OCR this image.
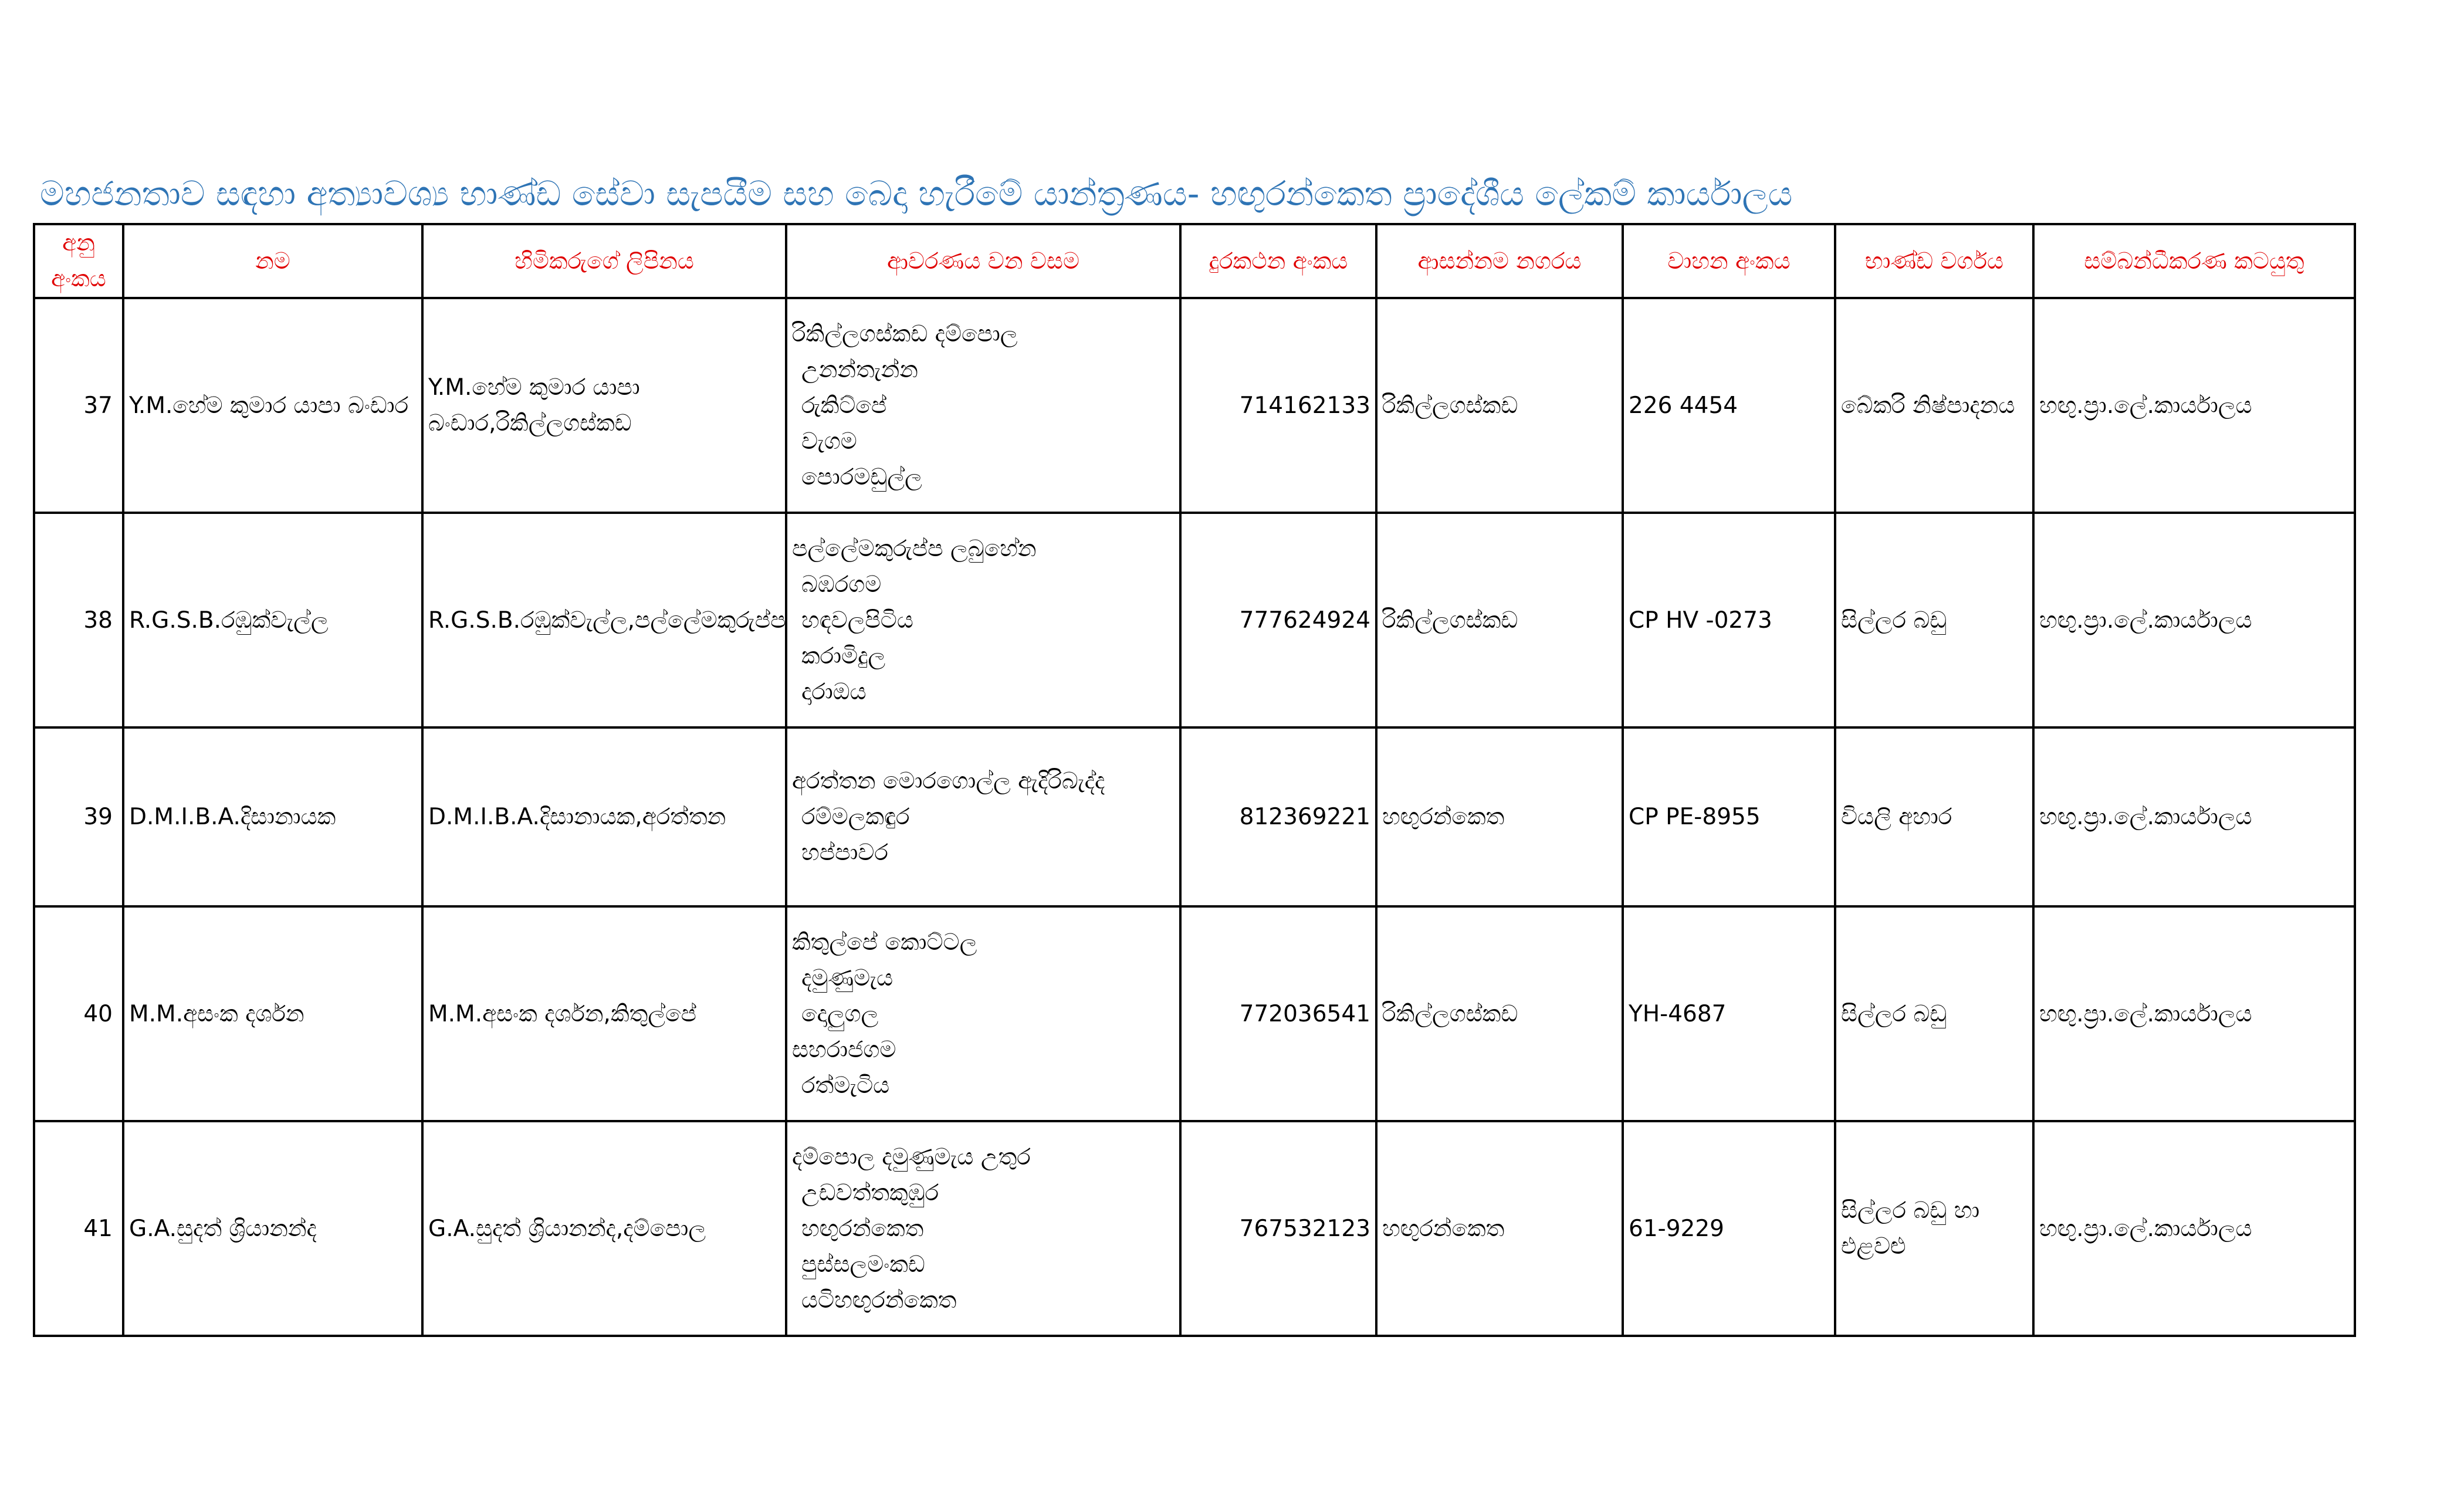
මහජනතාව සඳහා අත්‍යාවශ්‍ය භාණ්ඩ සේවා සැපයීම සහ බෙදා හැරීමේ යාන්ත්‍රණය- හඟුරන්කෙත ප්‍රාදේශීය ලේකම් කාර්යාලය
අනු අංකය	නම	හිමිකරුගේ ලිපිනය	ආවරණය වන වසම	දුරකථන අංකය	ආසන්නම නගරය	වාහන අංකය	භාණ්ඩ වර්ගය	සම්බන්ධීකරණ කටයුතු
37	Y.M.හේම කුමාර යාපා බංඩාර	Y.M.හේම කුමාර යාපා බංඩාර,රිකිල්ලගස්කඩ	රිකිල්ලගස්කඩ දම්පොල
උනන්තැන්න
රුකිට්පේ
වැගම
පොරමඩුල්ල	714162133	රිකිල්ලගස්කඩ	226 4454	බේකරි නිෂ්පාදනය	හඟු.ප්‍රා.ලේ.කාර්යාලය
38	R.G.S.B.රඹුක්වැල්ල	R.G.S.B.රඹුක්වැල්ල,පල්ලේමකුරුප්ප	පල්ලේමකුරුප්ප ලබුහේන
බඹරගම
හඳවලපිටිය
කරාමිදුල
දාරාඔය	777624924	රිකිල්ලගස්කඩ	CP HV -0273	සිල්ලර බඩු	හඟු.ප්‍රා.ලේ.කාර්යාලය
39	D.M.I.B.A.දිසානායක	D.M.I.B.A.දිසානායක,අරත්තන	අරත්තන මොරගොල්ල ඇදිරිබැද්ද
රම්මලකඳුර
හප්පාවර	812369221	හඟුරන්කෙත	CP PE-8955	වියලි අහාර	හඟු.ප්‍රා.ලේ.කාර්යාලය
40	M.M.අසංක දර්ශන	M.M.අසංක දර්ශන,කිතුල්පේ	කිතුල්පේ කොට්ටල
දමුණුමැය
දොලුගල
සහරාජගම
රත්මැටිය	772036541	රිකිල්ලගස්කඩ	YH-4687	සිල්ලර බඩු	හඟු.ප්‍රා.ලේ.කාර්යාලය
41	G.A.සුදත් ශ්‍රියානන්ද	G.A.සුදත් ශ්‍රියානන්ද,දම්පොල	දම්පොල දමුණුමැය උතුර
උඩවත්තකුඹුර
හඟුරන්කෙත
පුස්සලමංකඩ
යටිහඟුරන්කෙත	767532123	හඟුරන්කෙත	61-9229	සිල්ලර බඩු හා එළවළු	හඟු.ප්‍රා.ලේ.කාර්යාලය
